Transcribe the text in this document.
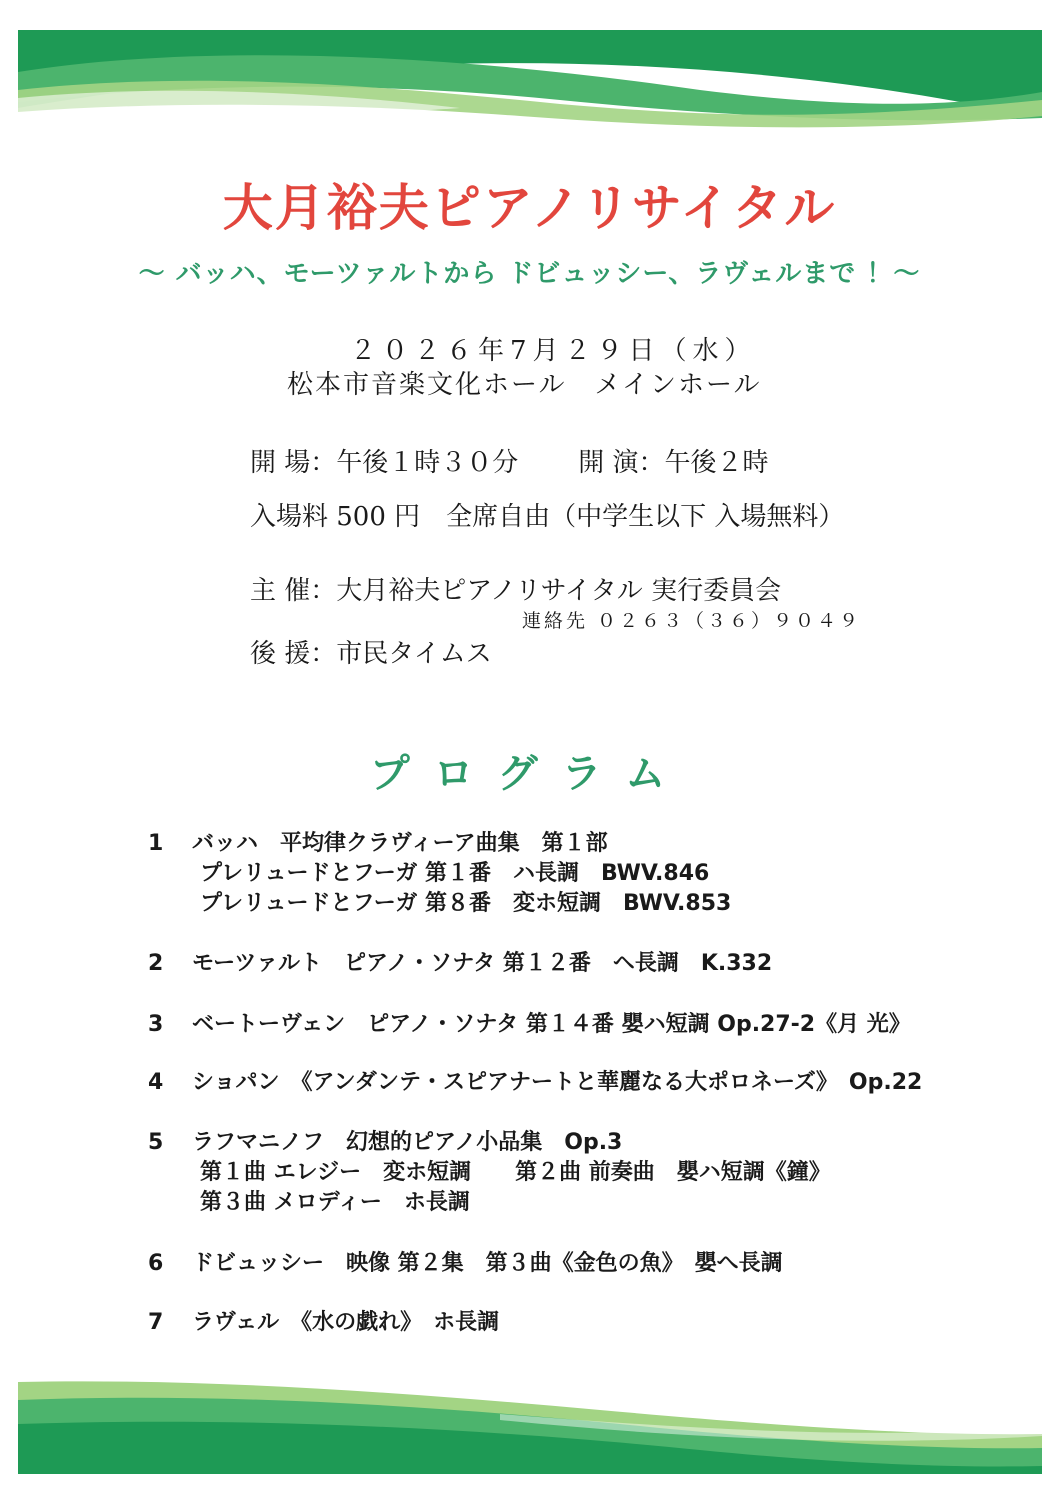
大月裕夫ピアノリサイタル
～ バッハ、モーツァルトから ドビュッシー、ラヴェルまで ！～
２０２６年7月２９日（水）
松本市音楽文化ホール　メインホール
開 場：午後１時３０分 開 演：午後２時
入場料 500 円 全席自由（中学生以下 入場無料）
主 催：大月裕夫ピアノリサイタル 実行委員会
連絡先 ０２６３（３６）９０４９
後 援：市民タイムス
プログラム
1 バッハ　平均律クラヴィーア曲集　第１部
プレリュードとフーガ 第１番　ハ長調　BWV.846
プレリュードとフーガ 第８番　変ホ短調　BWV.853
2 モーツァルト　ピアノ・ソナタ 第１２番　ヘ長調　K.332
3 ベートーヴェン　ピアノ・ソナタ 第１４番 嬰ハ短調 Op.27-2《月 光》
4 ショパン　《アンダンテ・スピアナートと華麗なる大ポロネーズ》　Op.22
5 ラフマニノフ　幻想的ピアノ小品集　Op.3
第１曲 エレジー　変ホ短調　　第２曲 前奏曲　嬰ハ短調《鐘》
第３曲 メロディー　ホ長調
6 ドビュッシー　映像 第２集　第３曲《金色の魚》　嬰へ長調
7 ラヴェル　《水の戯れ》　ホ長調
